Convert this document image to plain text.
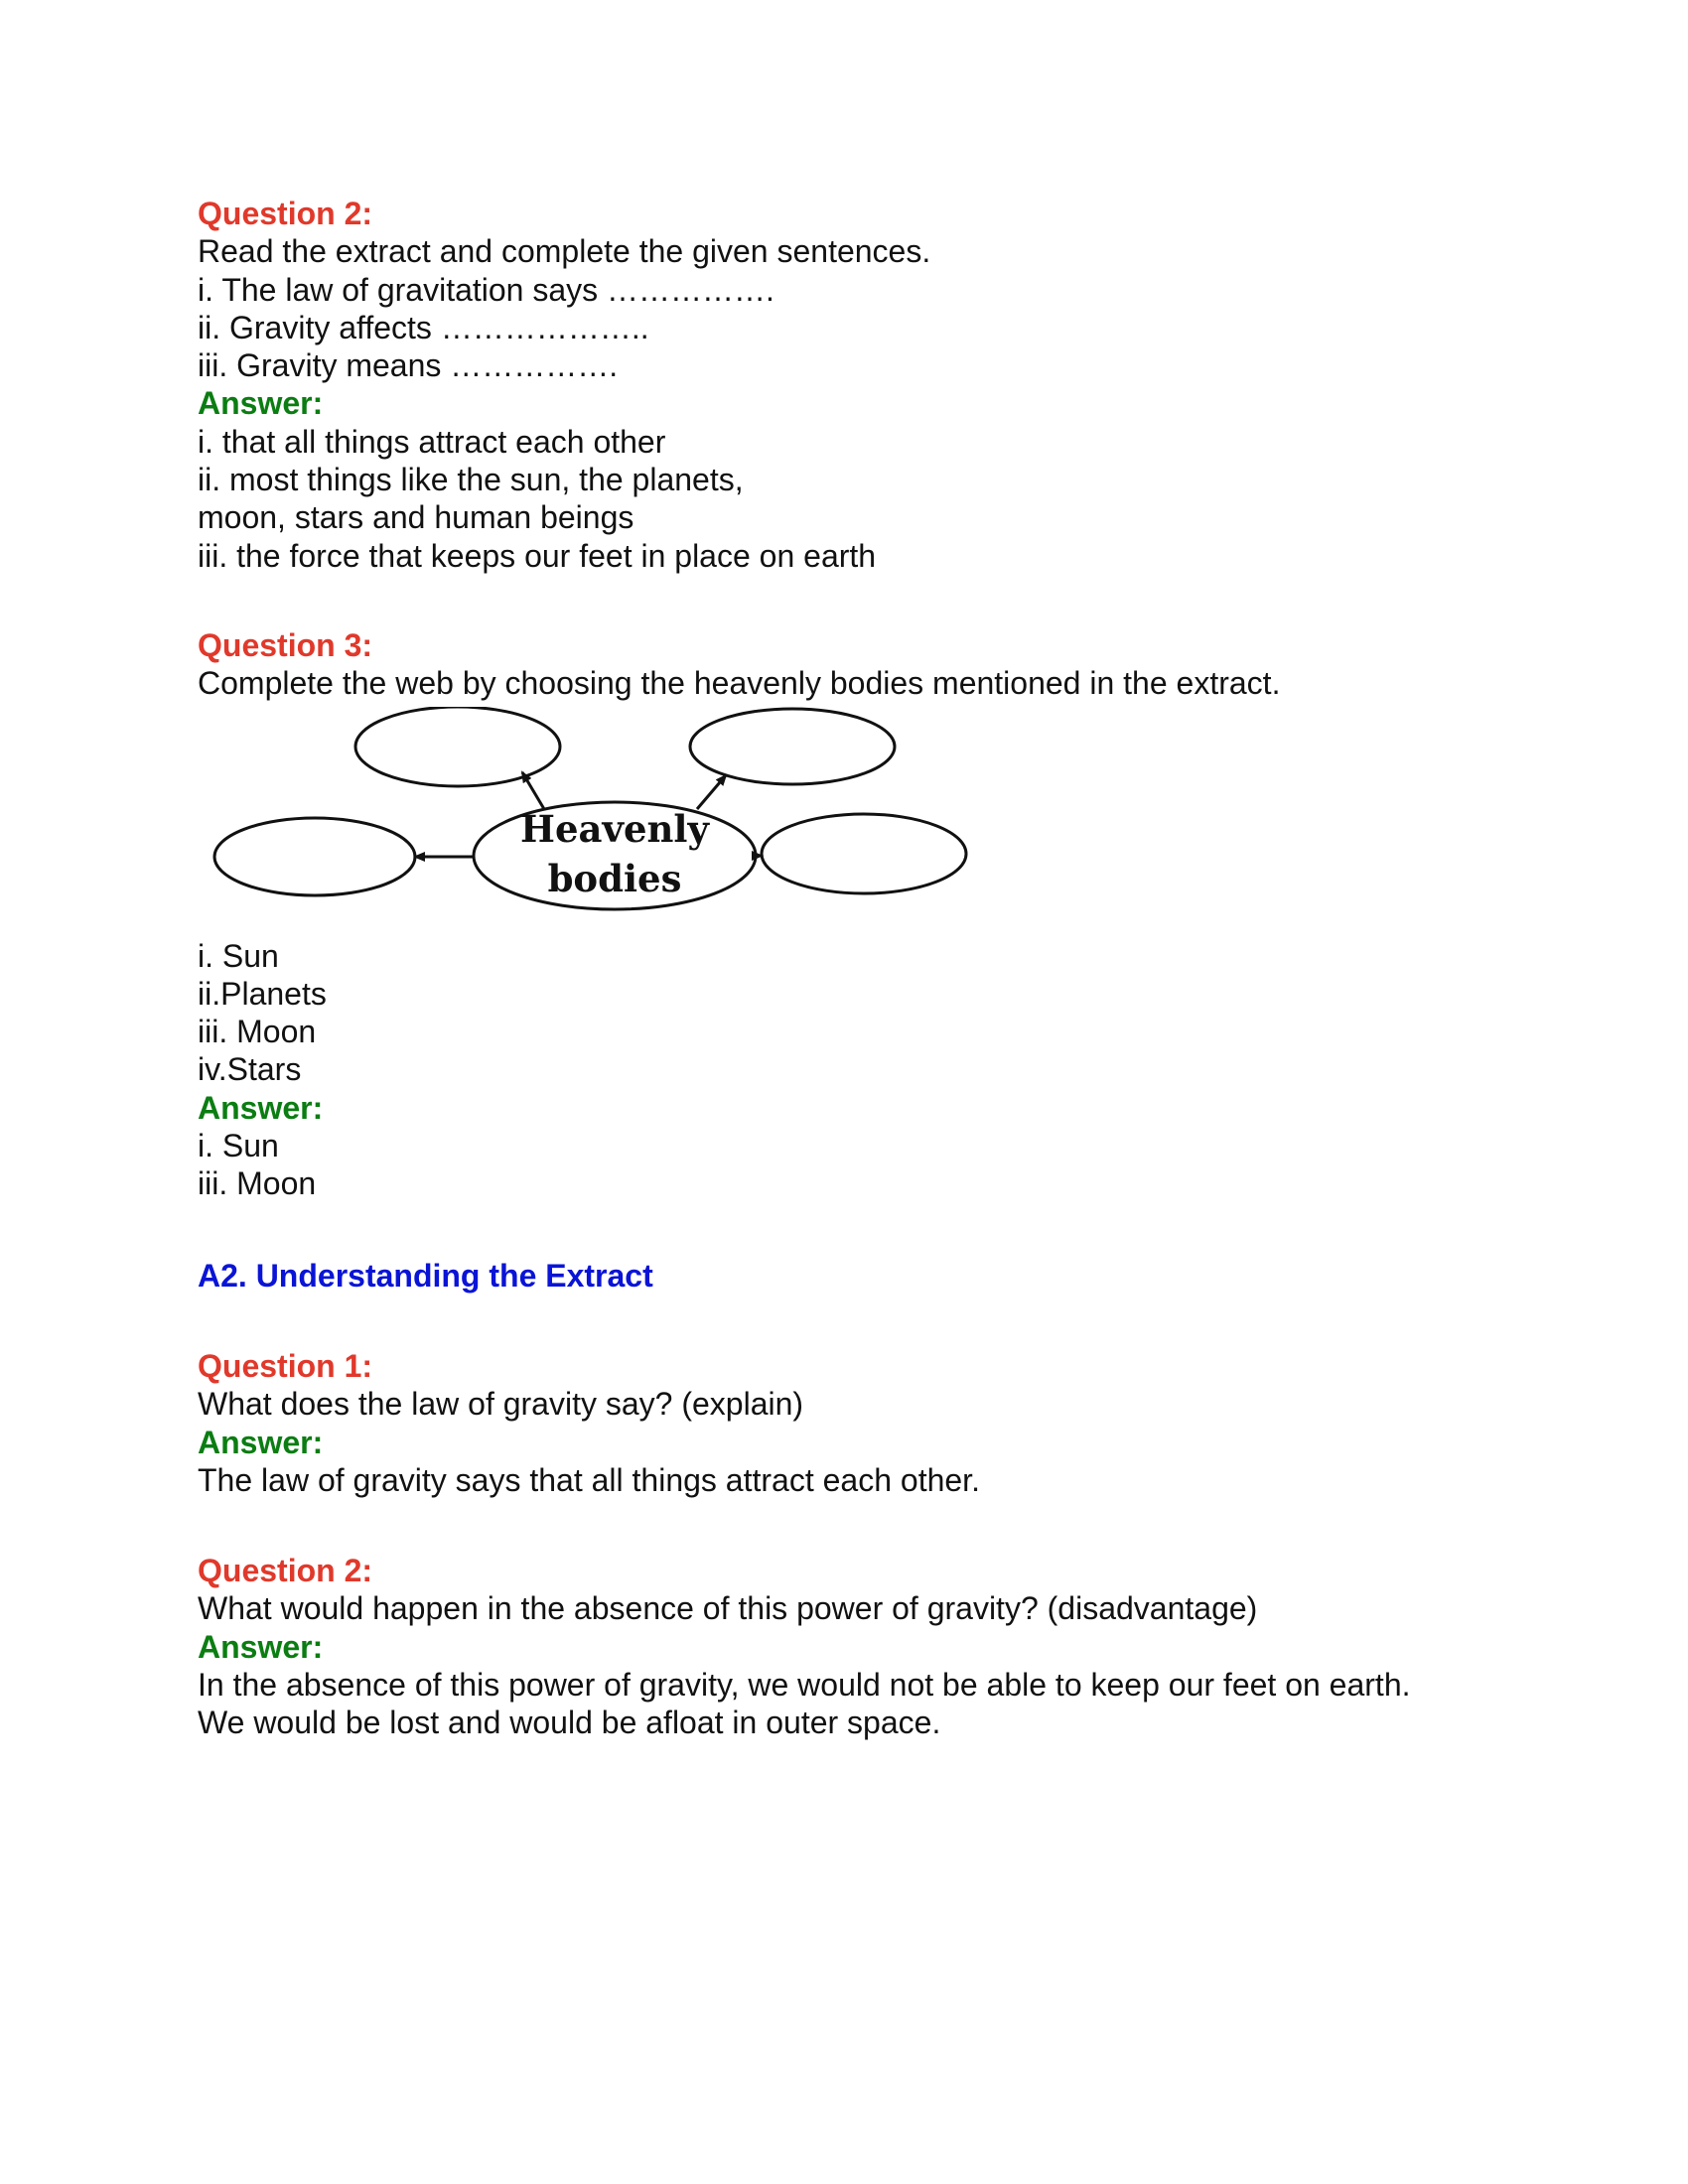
Question 2:
Read the extract and complete the given sentences.
i. The law of gravitation says …………….
ii. Gravity affects ………………..
iii. Gravity means …………….
Answer:
i. that all things attract each other
ii. most things like the sun, the planets,
moon, stars and human beings
iii. the force that keeps our feet in place on earth
Question 3:
Complete the web by choosing the heavenly bodies mentioned in the extract.
Heavenly
bodies
i. Sun
ii.Planets
iii. Moon
iv.Stars
Answer:
i. Sun
iii. Moon
A2. Understanding the Extract
Question 1:
What does the law of gravity say? (explain)
Answer:
The law of gravity says that all things attract each other.
Question 2:
What would happen in the absence of this power of gravity? (disadvantage)
Answer:
In the absence of this power of gravity, we would not be able to keep our feet on earth.
We would be lost and would be afloat in outer space.
